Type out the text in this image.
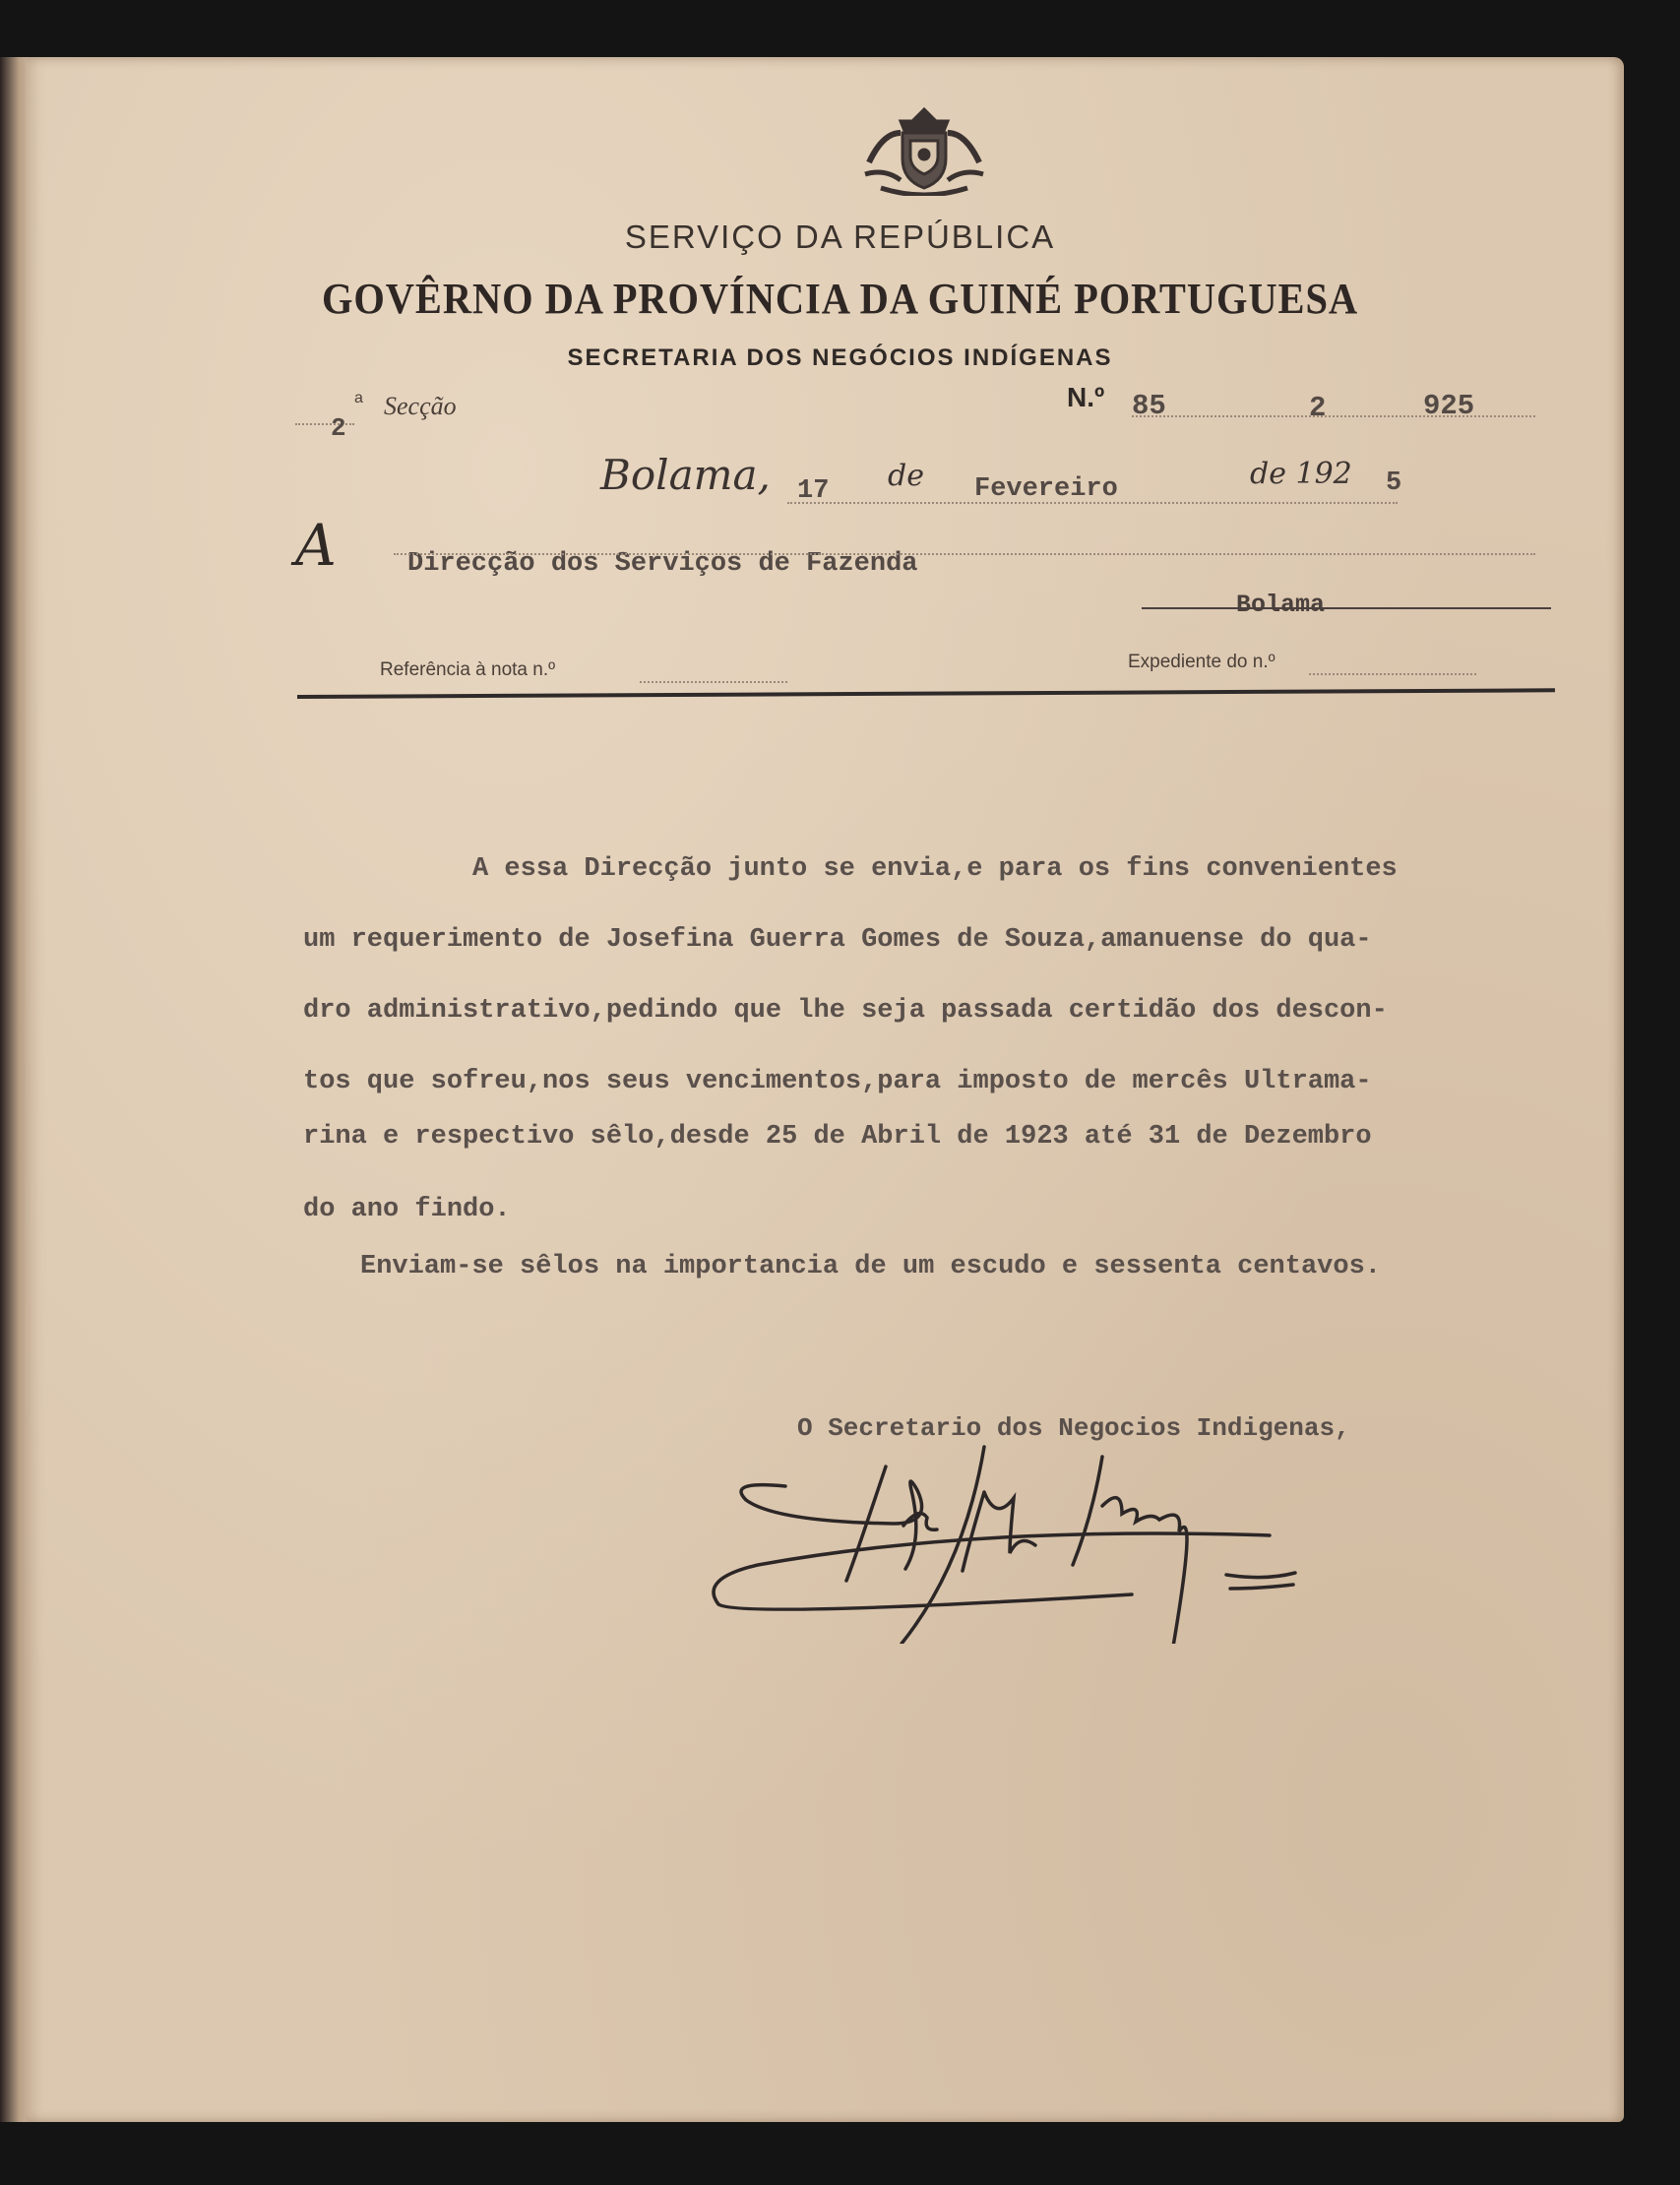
SERVIÇO DA REPÚBLICA
GOVÊRNO DA PROVÍNCIA DA GUINÉ PORTUGUESA
SECRETARIA DOS NEGÓCIOS INDÍGENAS
2
a Secção	N.º 85	2	925
Bolama, 17 de Fevereiro	de 192 5
A	Direcção dos Serviços de Fazenda
Bolama
Referência à nota n.º	Expediente do n.º
A essa Direcção junto se envia,e para os fins convenientes
um requerimento de Josefina Guerra Gomes de Souza,amanuense do qua-
dro administrativo,pedindo que lhe seja passada certidão dos descon-
tos que sofreu,nos seus vencimentos,para imposto de mercês Ultrama-
rina e respectivo sêlo,desde 25 de Abril de 1923 até 31 de Dezembro
do ano findo.
Enviam-se sêlos na importancia de um escudo e sessenta centavos.
O Secretario dos Negocios Indigenas,
